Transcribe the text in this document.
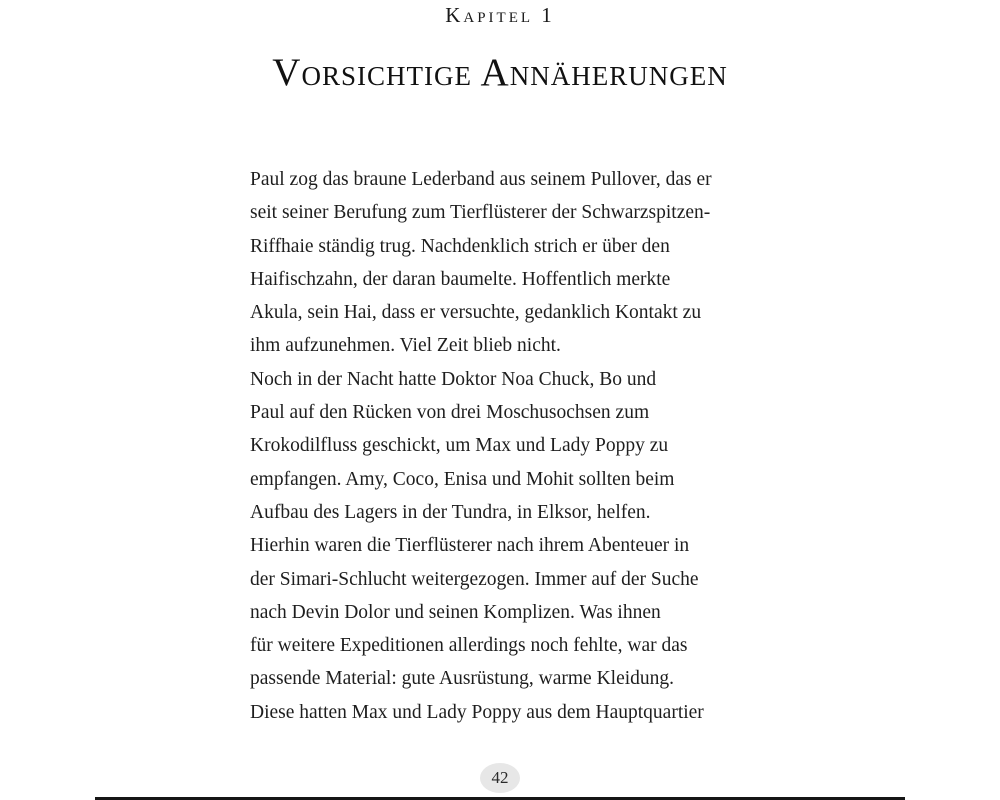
Kapitel 1
Vorsichtige Annäherungen
Paul zog das braune Lederband aus seinem Pullover, das er
seit seiner Berufung zum Tierflüsterer der Schwarzspitzen-
Riffhaie ständig trug. Nachdenklich strich er über den
Haifischzahn, der daran baumelte. Hoffentlich merkte
Akula, sein Hai, dass er versuchte, gedanklich Kontakt zu
ihm aufzunehmen. Viel Zeit blieb nicht.
Noch in der Nacht hatte Doktor Noa Chuck, Bo und
Paul auf den Rücken von drei Moschusochsen zum
Krokodilfluss geschickt, um Max und Lady Poppy zu
empfangen. Amy, Coco, Enisa und Mohit sollten beim
Aufbau des Lagers in der Tundra, in Elksor, helfen.
Hierhin waren die Tierflüsterer nach ihrem Abenteuer in
der Simari-Schlucht weitergezogen. Immer auf der Suche
nach Devin Dolor und seinen Komplizen. Was ihnen
für weitere Expeditionen allerdings noch fehlte, war das
passende Material: gute Ausrüstung, warme Kleidung.
Diese hatten Max und Lady Poppy aus dem Hauptquartier
42
